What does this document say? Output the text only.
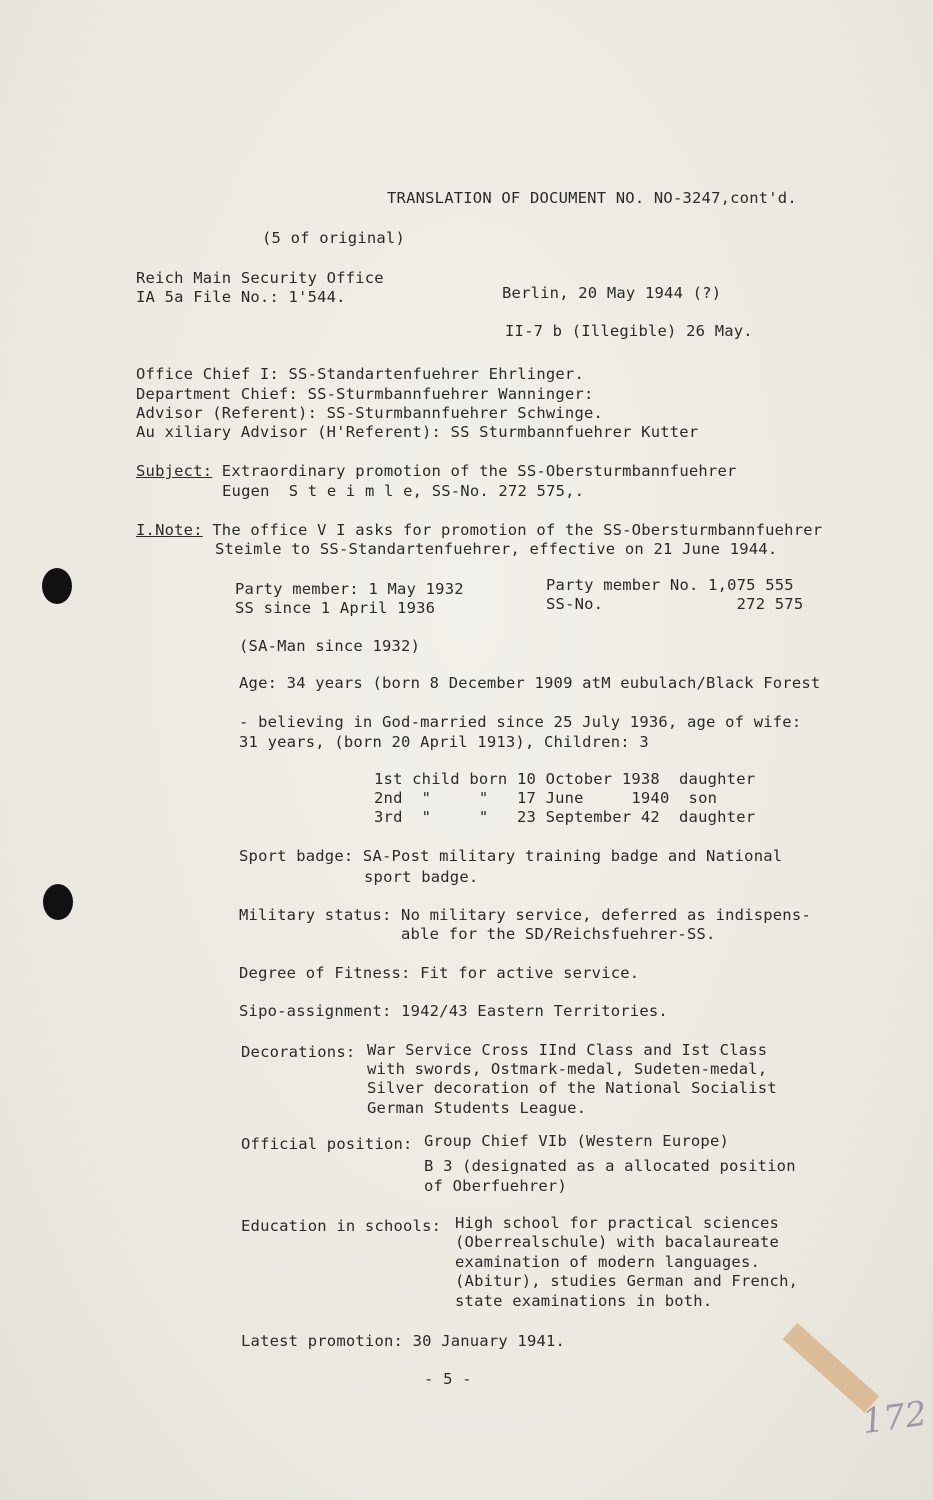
TRANSLATION OF DOCUMENT NO. NO-3247,cont'd.
(5 of original)
Reich Main Security Office
IA 5a File No.: 1'544.	Berlin, 20 May 1944 (?)
II-7 b (Illegible) 26 May.
Office Chief I: SS-Standartenfuehrer Ehrlinger.
Department Chief: SS-Sturmbannfuehrer Wanninger:
Advisor (Referent): SS-Sturmbannfuehrer Schwinge.
Au xiliary Advisor (H'Referent): SS Sturmbannfuehrer Kutter
Subject: Extraordinary promotion of the SS-Obersturmbannfuehrer
Eugen  S t e i m l e, SS-No. 272 575,.
I.Note: The office V I asks for promotion of the SS-Obersturmbannfuehrer
Steimle to SS-Standartenfuehrer, effective on 21 June 1944.
Party member: 1 May 1932
SS since 1 April 1936
Party member No. 1,075 555
SS-No.              272 575
(SA-Man since 1932)
Age: 34 years (born 8 December 1909 atM eubulach/Black Forest
- believing in God-married since 25 July 1936, age of wife:
31 years, (born 20 April 1913), Children: 3
1st child born 10 October 1938  daughter
2nd  "     "   17 June     1940  son
3rd  "     "   23 September 42  daughter
Sport badge: SA-Post military training badge and National
sport badge.
Military status: No military service, deferred as indispens-
able for the SD/Reichsfuehrer-SS.
Degree of Fitness: Fit for active service.
Sipo-assignment: 1942/43 Eastern Territories.
Decorations: War Service Cross IInd Class and Ist Class
with swords, Ostmark-medal, Sudeten-medal,
Silver decoration of the National Socialist
German Students League.
Official position: Group Chief VIb (Western Europe)
B 3 (designated as a allocated position
of Oberfuehrer)
Education in schools: High school for practical sciences
(Oberrealschule) with bacalaureate
examination of modern languages.
(Abitur), studies German and French,
state examinations in both.
Latest promotion: 30 January 1941.
- 5 -
172
